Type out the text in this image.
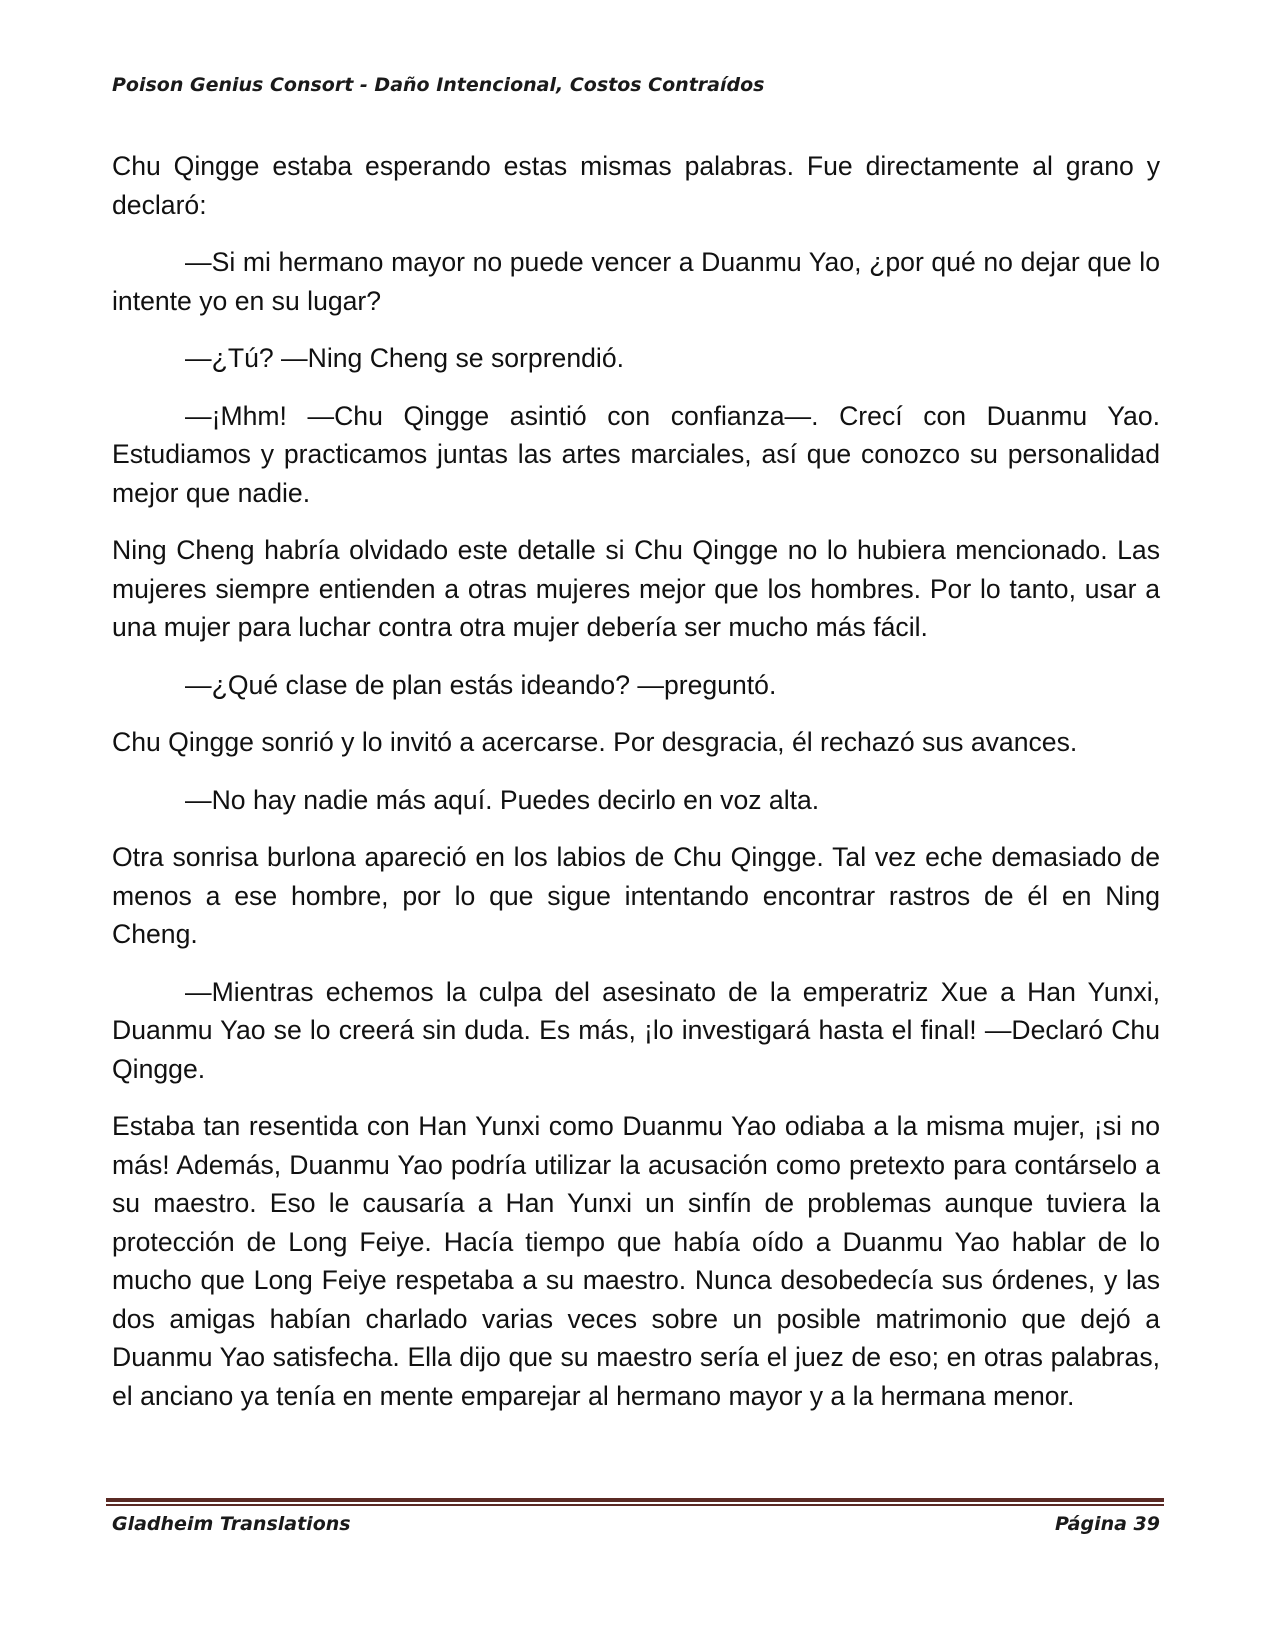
Poison Genius Consort - Daño Intencional, Costos Contraídos

Chu Qingge estaba esperando estas mismas palabras. Fue directamente al grano y declaró:

—Si mi hermano mayor no puede vencer a Duanmu Yao, ¿por qué no dejar que lo intente yo en su lugar?

—¿Tú? —Ning Cheng se sorprendió.

—¡Mhm! —Chu Qingge asintió con confianza—. Crecí con Duanmu Yao. Estudiamos y practicamos juntas las artes marciales, así que conozco su personalidad mejor que nadie.

Ning Cheng habría olvidado este detalle si Chu Qingge no lo hubiera mencionado. Las mujeres siempre entienden a otras mujeres mejor que los hombres. Por lo tanto, usar a una mujer para luchar contra otra mujer debería ser mucho más fácil.

—¿Qué clase de plan estás ideando? —preguntó.

Chu Qingge sonrió y lo invitó a acercarse. Por desgracia, él rechazó sus avances.

—No hay nadie más aquí. Puedes decirlo en voz alta.

Otra sonrisa burlona apareció en los labios de Chu Qingge. Tal vez eche demasiado de menos a ese hombre, por lo que sigue intentando encontrar rastros de él en Ning Cheng.

—Mientras echemos la culpa del asesinato de la emperatriz Xue a Han Yunxi, Duanmu Yao se lo creerá sin duda. Es más, ¡lo investigará hasta el final! —Declaró Chu Qingge.

Estaba tan resentida con Han Yunxi como Duanmu Yao odiaba a la misma mujer, ¡si no más! Además, Duanmu Yao podría utilizar la acusación como pretexto para contárselo a su maestro. Eso le causaría a Han Yunxi un sinfín de problemas aunque tuviera la protección de Long Feiye. Hacía tiempo que había oído a Duanmu Yao hablar de lo mucho que Long Feiye respetaba a su maestro. Nunca desobedecía sus órdenes, y las dos amigas habían charlado varias veces sobre un posible matrimonio que dejó a Duanmu Yao satisfecha. Ella dijo que su maestro sería el juez de eso; en otras palabras, el anciano ya tenía en mente emparejar al hermano mayor y a la hermana menor.

Gladheim Translations	Página 39
